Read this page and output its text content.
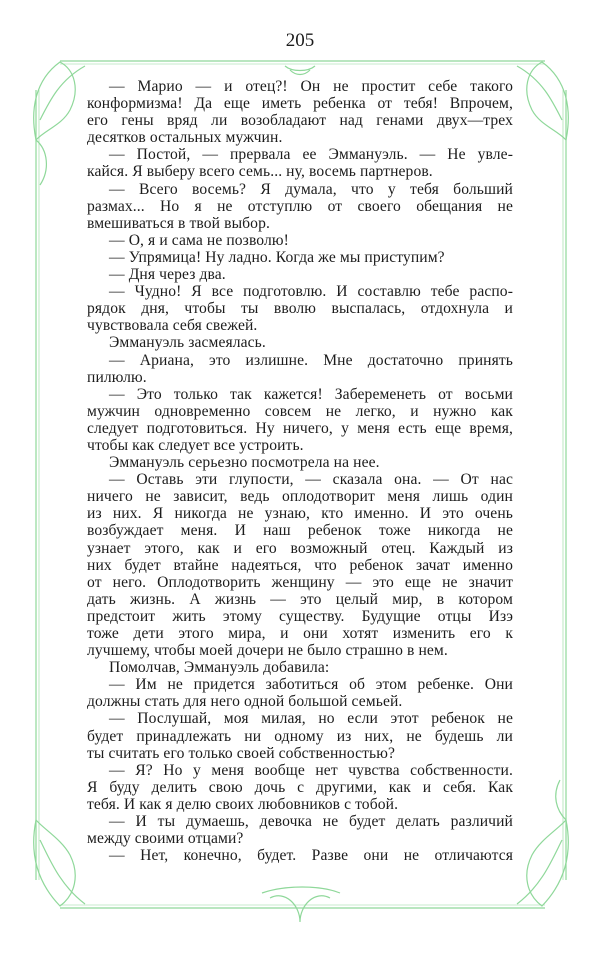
205
— Марио — и отец?! Он не простит себе такого
конформизма! Да еще иметь ребенка от тебя! Впрочем,
его гены вряд ли возобладают над генами двух—трех
десятков остальных мужчин.
— Постой, — прервала ее Эммануэль. — Не увле-
кайся. Я выберу всего семь... ну, восемь партнеров.
— Всего восемь? Я думала, что у тебя больший
размах... Но я не отступлю от своего обещания не
вмешиваться в твой выбор.
— О, я и сама не позволю!
— Упрямица! Ну ладно. Когда же мы приступим?
— Дня через два.
— Чудно! Я все подготовлю. И составлю тебе распо-
рядок дня, чтобы ты вволю выспалась, отдохнула и
чувствовала себя свежей.
Эммануэль засмеялась.
— Ариана, это излишне. Мне достаточно принять
пилюлю.
— Это только так кажется! Забеременеть от восьми
мужчин одновременно совсем не легко, и нужно как
следует подготовиться. Ну ничего, у меня есть еще время,
чтобы как следует все устроить.
Эммануэль серьезно посмотрела на нее.
— Оставь эти глупости, — сказала она. — От нас
ничего не зависит, ведь оплодотворит меня лишь один
из них. Я никогда не узнаю, кто именно. И это очень
возбуждает меня. И наш ребенок тоже никогда не
узнает этого, как и его возможный отец. Каждый из
них будет втайне надеяться, что ребенок зачат именно
от него. Оплодотворить женщину — это еще не значит
дать жизнь. А жизнь — это целый мир, в котором
предстоит жить этому существу. Будущие отцы Изэ
тоже дети этого мира, и они хотят изменить его к
лучшему, чтобы моей дочери не было страшно в нем.
Помолчав, Эммануэль добавила:
— Им не придется заботиться об этом ребенке. Они
должны стать для него одной большой семьей.
— Послушай, моя милая, но если этот ребенок не
будет принадлежать ни одному из них, не будешь ли
ты считать его только своей собственностью?
— Я? Но у меня вообще нет чувства собственности.
Я буду делить свою дочь с другими, как и себя. Как
тебя. И как я делю своих любовников с тобой.
— И ты думаешь, девочка не будет делать различий
между своими отцами?
— Нет, конечно, будет. Разве они не отличаются
